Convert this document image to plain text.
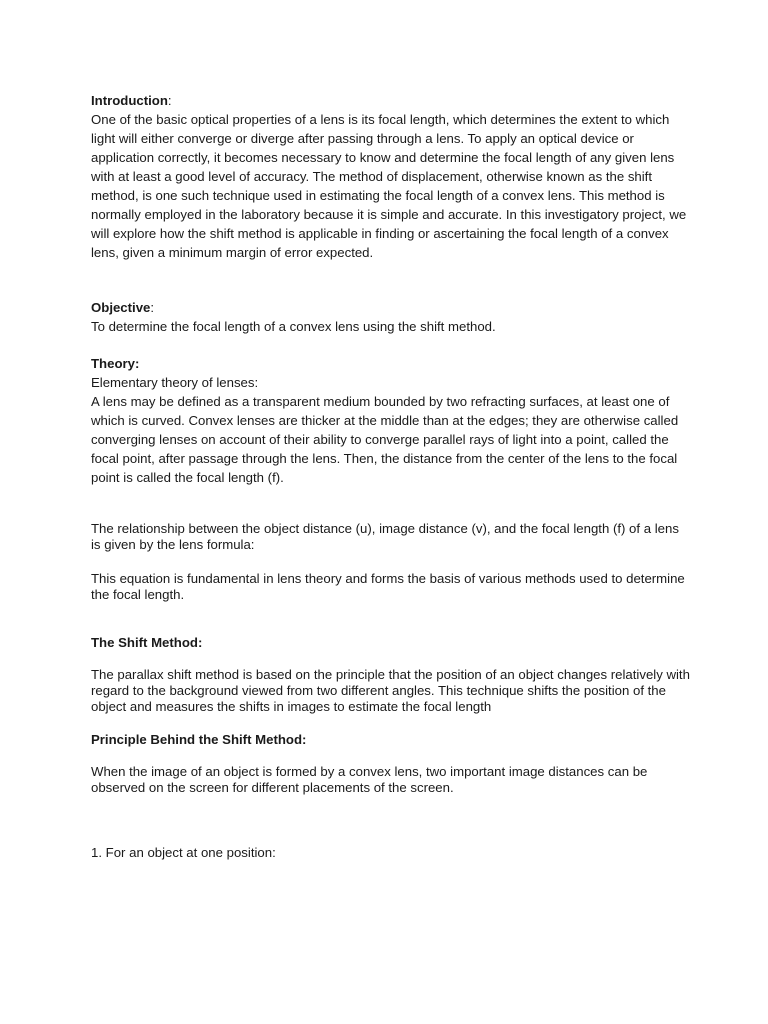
Introduction:

One of the basic optical properties of a lens is its focal length, which determines the extent to which light will either converge or diverge after passing through a lens. To apply an optical device or application correctly, it becomes necessary to know and determine the focal length of any given lens with at least a good level of accuracy. The method of displacement, otherwise known as the shift method, is one such technique used in estimating the focal length of a convex lens. This method is normally employed in the laboratory because it is simple and accurate. In this investigatory project, we will explore how the shift method is applicable in finding or ascertaining the focal length of a convex lens, given a minimum margin of error expected.

Objective:

To determine the focal length of a convex lens using the shift method.

Theory:

Elementary theory of lenses:

A lens may be defined as a transparent medium bounded by two refracting surfaces, at least one of which is curved. Convex lenses are thicker at the middle than at the edges; they are otherwise called converging lenses on account of their ability to converge parallel rays of light into a point, called the focal point, after passage through the lens. Then, the distance from the center of the lens to the focal point is called the focal length (f).

The relationship between the object distance (u), image distance (v), and the focal length (f) of a lens is given by the lens formula:

This equation is fundamental in lens theory and forms the basis of various methods used to determine the focal length.

The Shift Method:

The parallax shift method is based on the principle that the position of an object changes relatively with regard to the background viewed from two different angles. This technique shifts the position of the object and measures the shifts in images to estimate the focal length

Principle Behind the Shift Method:

When the image of an object is formed by a convex lens, two important image distances can be observed on the screen for different placements of the screen.

1. For an object at one position:
